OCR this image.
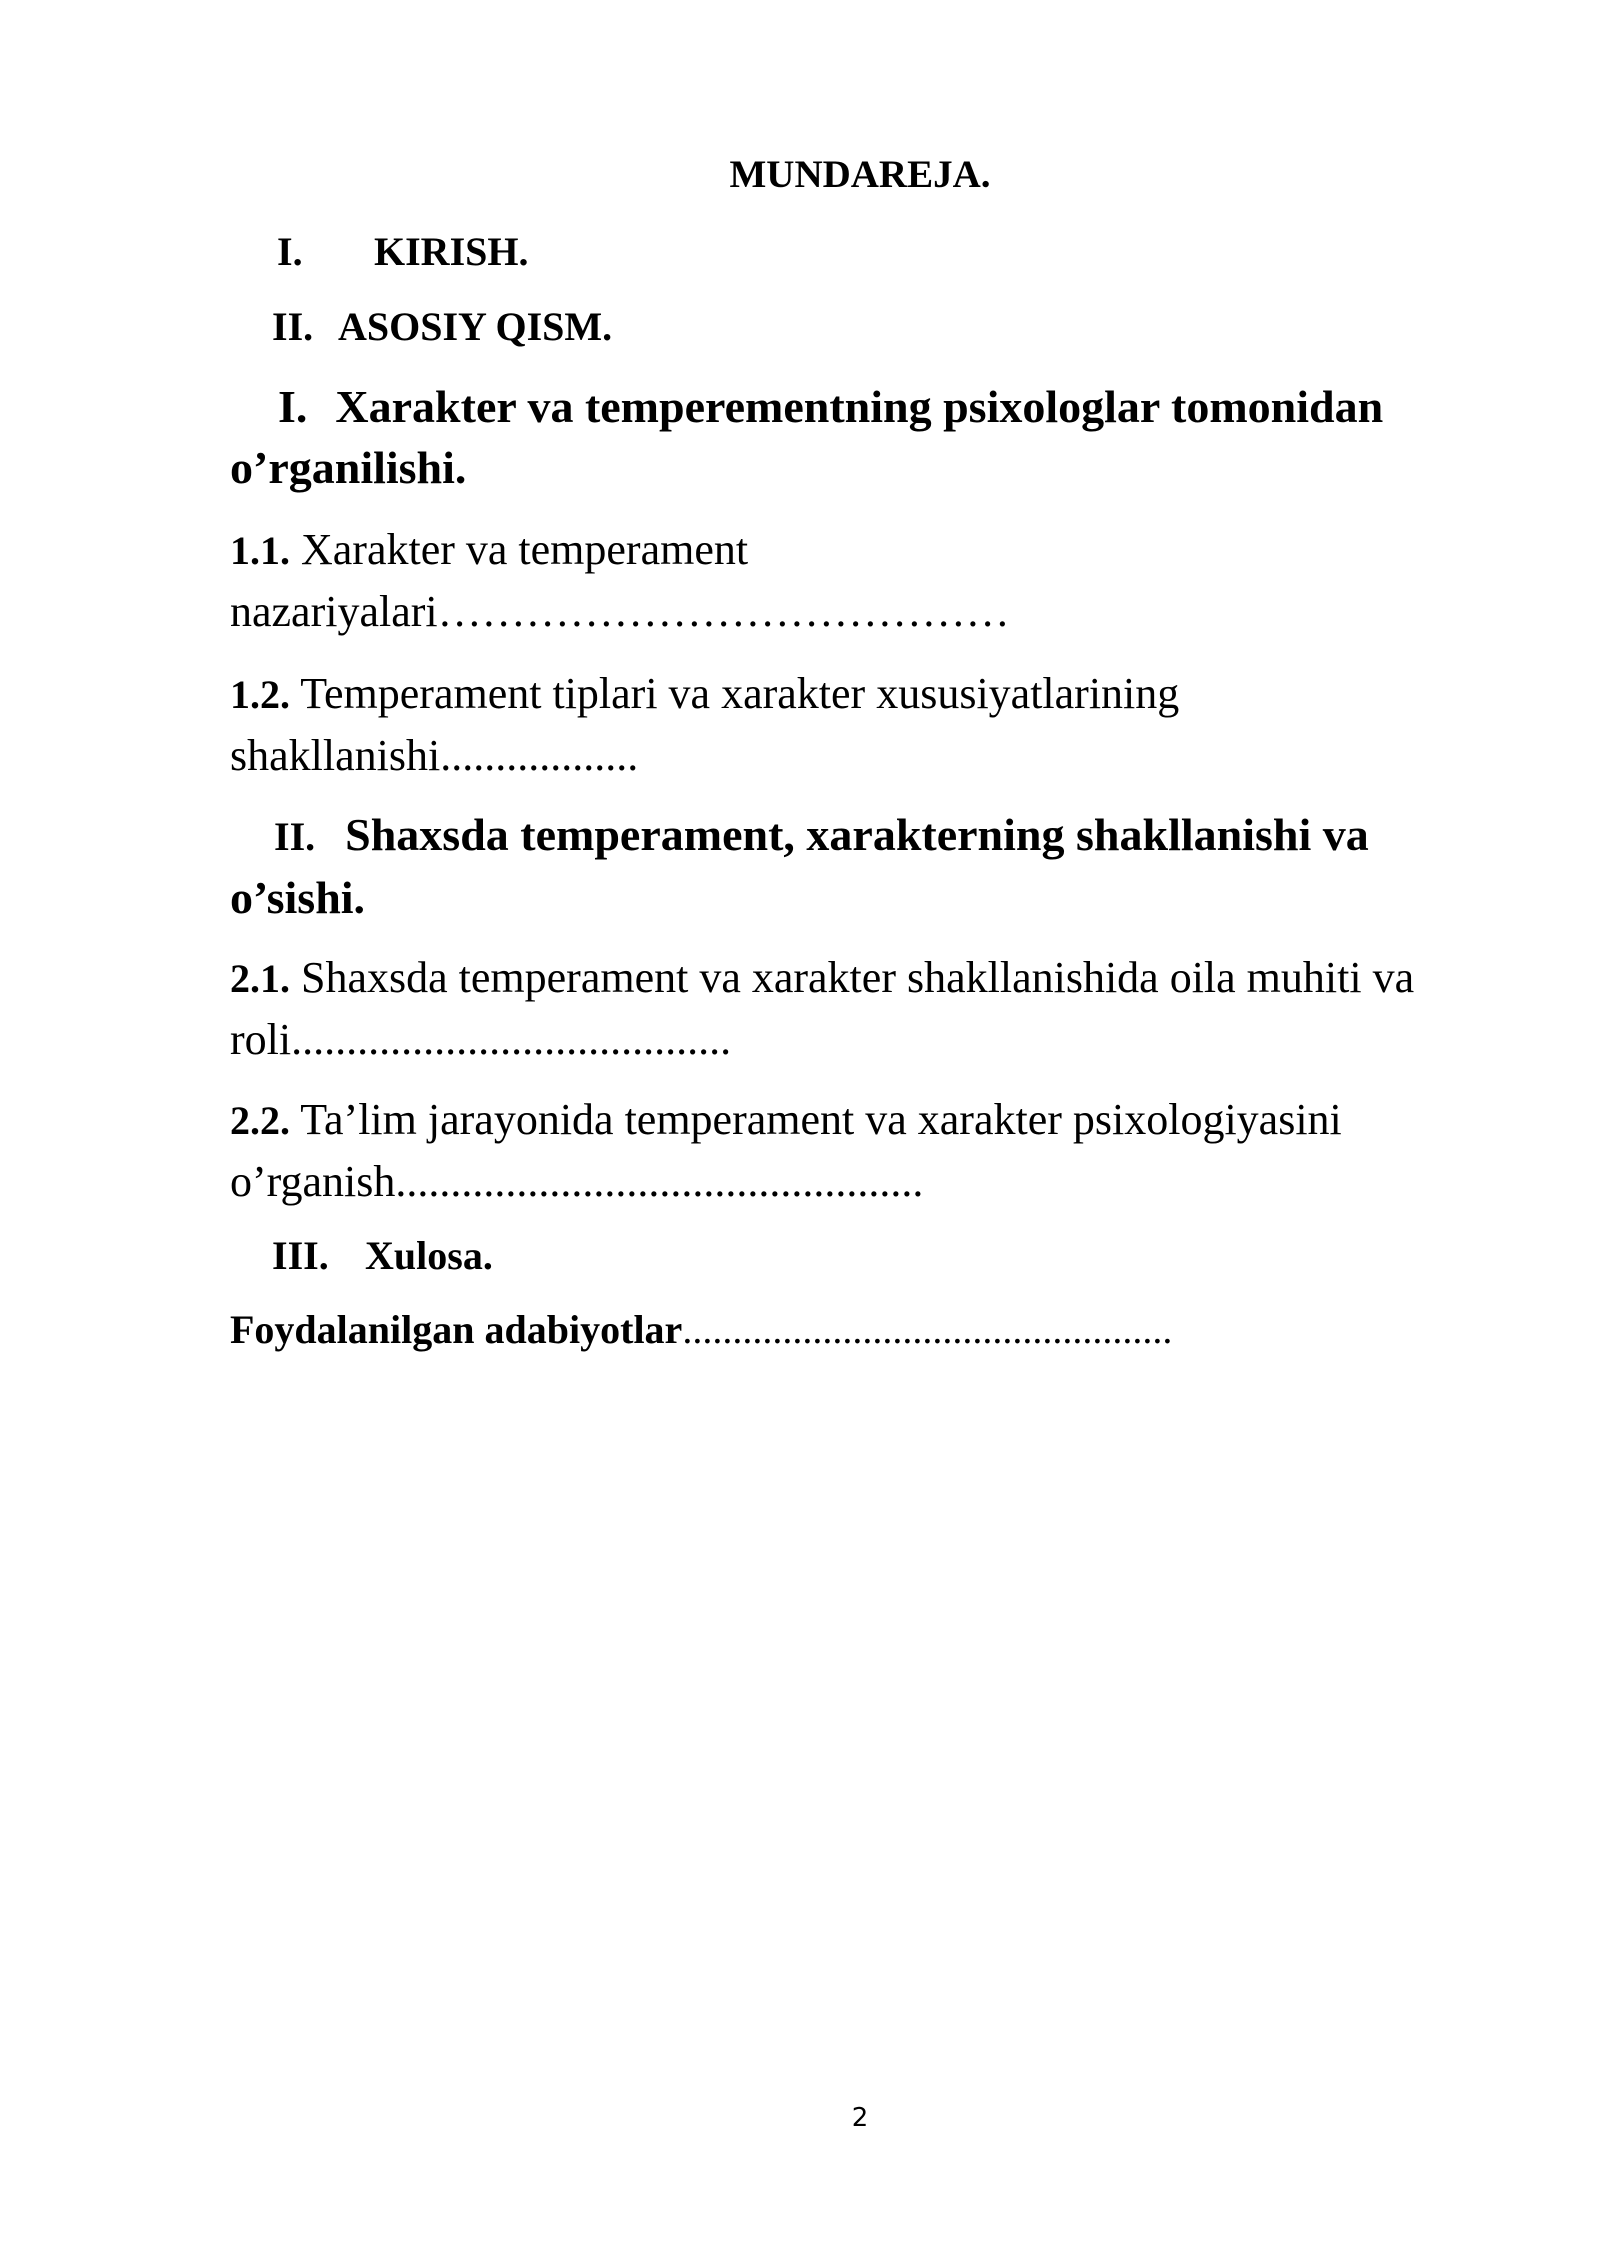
MUNDAREJA.
I. KIRISH.
II. ASOSIY QISM.
I. Xarakter va temperementning psixologlar tomonidan o’rganilishi.
1.1. Xarakter va temperament nazariyalari…………………………………
1.2. Temperament tiplari va xarakter xususiyatlarining shakllanishi..................
II. Shaxsda temperament, xarakterning shakllanishi va o’sishi.
2.1. Shaxsda temperament va xarakter shakllanishida oila muhiti va roli........................................
2.2. Ta’lim jarayonida temperament va xarakter psixologiyasini o’rganish................................................
III. Xulosa.
Foydalanilgan adabiyotlar.................................................
2
